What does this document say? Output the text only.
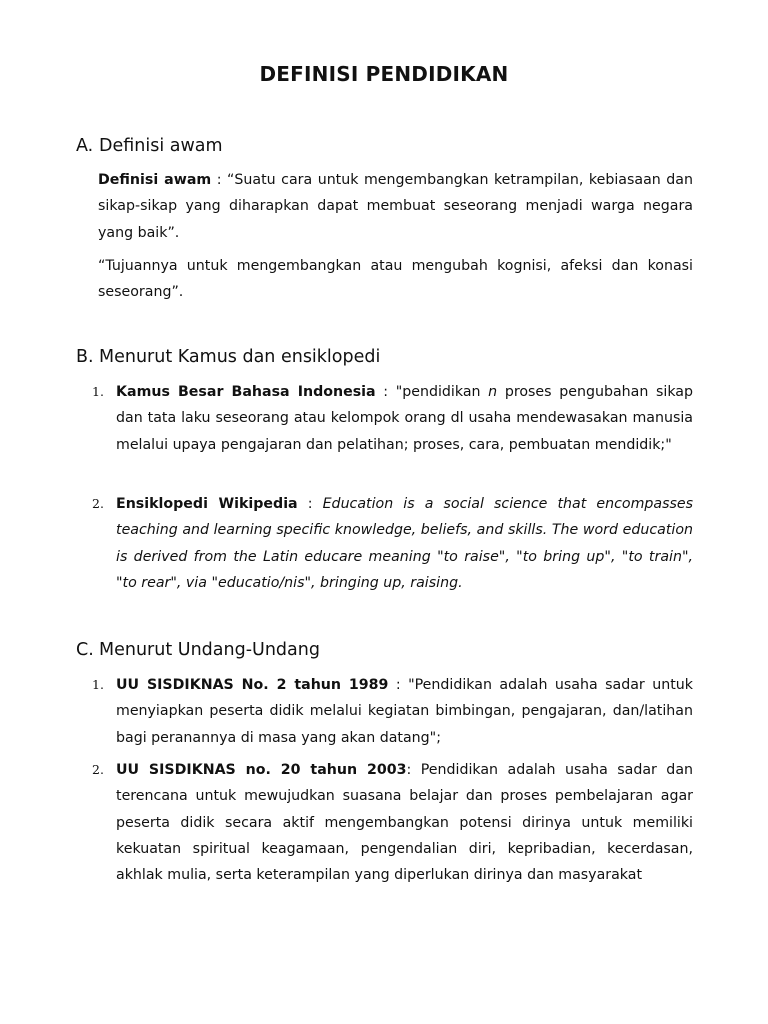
DEFINISI PENDIDIKAN
A. Definisi awam

Definisi awam : “Suatu cara untuk mengembangkan ketrampilan, kebiasaan dan sikap-sikap yang diharapkan dapat membuat seseorang menjadi warga negara yang baik”.

“Tujuannya untuk mengembangkan atau mengubah kognisi, afeksi dan konasi seseorang”.

B. Menurut Kamus dan ensiklopedi
1. Kamus Besar Bahasa Indonesia : "pendidikan n proses pengubahan sikap dan tata laku seseorang atau kelompok orang dl usaha mendewasakan manusia melalui upaya pengajaran dan pelatihan; proses, cara, pembuatan mendidik;"
2. Ensiklopedi Wikipedia : Education is a social science that encompasses teaching and learning specific knowledge, beliefs, and skills. The word education is derived from the Latin educare meaning "to raise", "to bring up", "to train", "to rear", via "educatio/nis", bringing up, raising.
C. Menurut Undang-Undang
1. UU SISDIKNAS No. 2 tahun 1989 : "Pendidikan adalah usaha sadar untuk menyiapkan peserta didik melalui kegiatan bimbingan, pengajaran, dan/latihan bagi peranannya di masa yang akan datang";
2. UU SISDIKNAS no. 20 tahun 2003: Pendidikan adalah usaha sadar dan terencana untuk mewujudkan suasana belajar dan proses pembelajaran agar peserta didik secara aktif mengembangkan potensi dirinya untuk memiliki kekuatan spiritual keagamaan, pengendalian diri, kepribadian, kecerdasan, akhlak mulia, serta keterampilan yang diperlukan dirinya dan masyarakat
